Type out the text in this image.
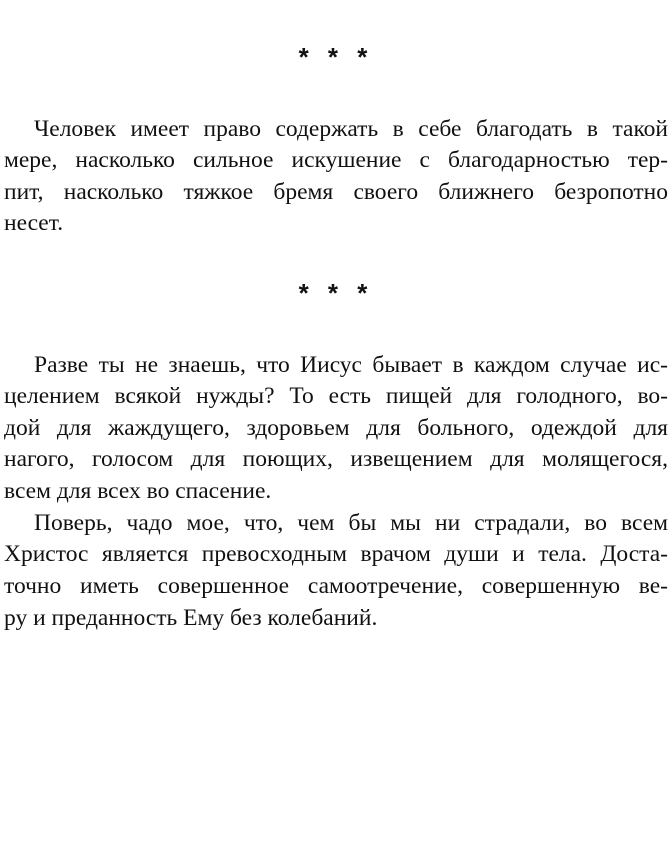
* * *
Человек имеет право содержать в себе благодать в такой
мере, насколько сильное искушение с благодарностью тер-
пит, насколько тяжкое бремя своего ближнего безропотно
несет.
* * *
Разве ты не знаешь, что Иисус бывает в каждом случае ис-
целением всякой нужды? То есть пищей для голодного, во-
дой для жаждущего, здоровьем для больного, одеждой для
нагого, голосом для поющих, извещением для молящегося,
всем для всех во спасение.
Поверь, чадо мое, что, чем бы мы ни страдали, во всем
Христос является превосходным врачом души и тела. Доста-
точно иметь совершенное самоотречение, совершенную ве-
ру и преданность Ему без колебаний.
